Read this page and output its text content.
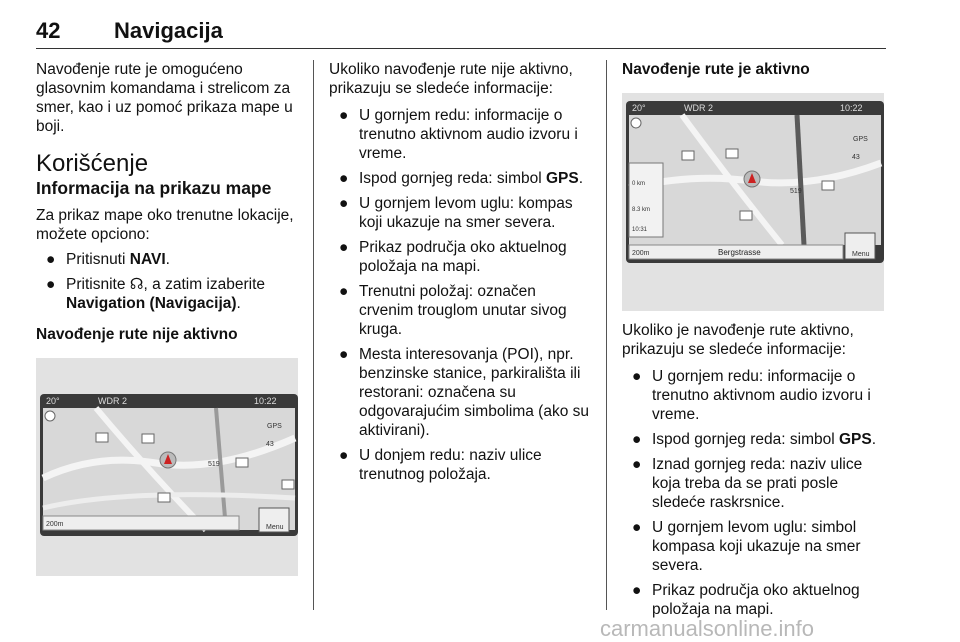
42 Navigacija

Navođenje rute je omogućeno glasovnim komandama i strelicom za smer, kao i uz pomoć prikaza mape u boji.

Korišćenje
Informacija na prikazu mape

Za prikaz mape oko trenutne lokacije, možete opciono:

● Pritisnuti NAVI.
● Pritisnite ☊, a zatim izaberite Navigation (Navigacija).
Navođenje rute nije aktivno
20°	WDR 2	10:22
GPS
43
519
200m	Menu

Ukoliko navođenje rute nije aktivno, prikazuju se sledeće informacije:

● U gornjem redu: informacije o trenutno aktivnom audio izvoru i vreme.
● Ispod gornjeg reda: simbol GPS.
● U gornjem levom uglu: kompas koji ukazuje na smer severa.
● Prikaz područja oko aktuelnog položaja na mapi.
● Trenutni položaj: označen crvenim trouglom unutar sivog kruga.
● Mesta interesovanja (POI), npr. benzinske stanice, parkirališta ili restorani: označena su odgovarajućim simbolima (ako su aktivirani).
● U donjem redu: naziv ulice trenutnog položaja.
Navođenje rute je aktivno
20°	WDR 2	10:22
GPS
43
519
0 km
8.3 km
10:31
200m	Bergstrasse	Menu

Ukoliko je navođenje rute aktivno, prikazuju se sledeće informacije:

● U gornjem redu: informacije o trenutno aktivnom audio izvoru i vreme.
● Ispod gornjeg reda: simbol GPS.
● Iznad gornjeg reda: naziv ulice koja treba da se prati posle sledeće raskrsnice.
● U gornjem levom uglu: simbol kompasa koji ukazuje na smer severa.
● Prikaz područja oko aktuelnog položaja na mapi.
carmanualsonline.info
